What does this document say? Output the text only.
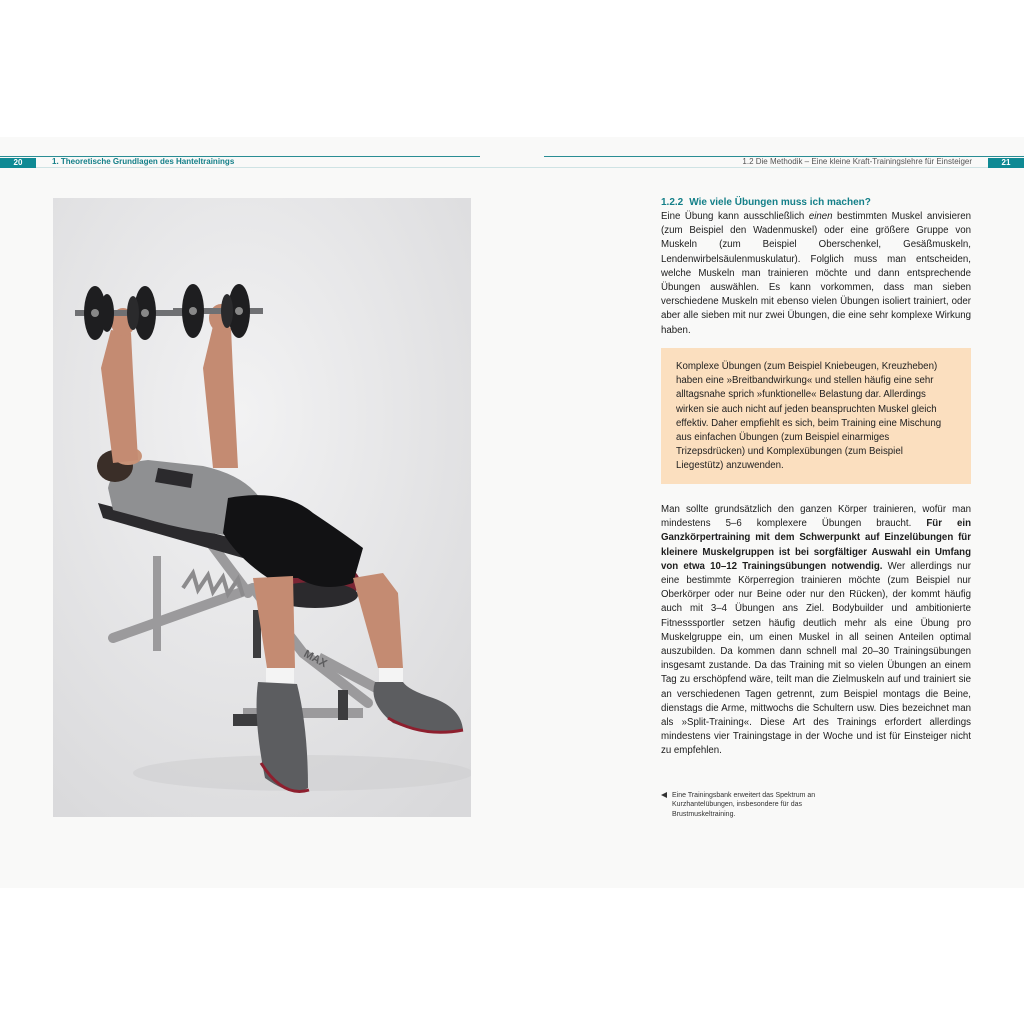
20	1. Theoretische Grundlagen des Hanteltrainings	1.2 Die Methodik – Eine kleine Kraft-Trainingslehre für Einsteiger	21
MAX
1.2.2 Wie viele Übungen muss ich machen?

Eine Übung kann ausschließlich einen bestimmten Muskel anvisieren (zum Beispiel den Wadenmuskel) oder eine größere Gruppe von Muskeln (zum Beispiel Oberschenkel, Gesäßmuskeln, Lendenwirbelsäulenmuskulatur). Folglich muss man entscheiden, welche Muskeln man trainieren möchte und dann entsprechende Übungen auswählen. Es kann vorkommen, dass man sieben verschiedene Muskeln mit ebenso vielen Übungen isoliert trainiert, oder aber alle sieben mit nur zwei Übungen, die eine sehr komplexe Wirkung haben.

Komplexe Übungen (zum Beispiel Kniebeugen, Kreuzheben) haben eine »Breitbandwirkung« und stellen häufig eine sehr alltagsnahe sprich »funktionelle« Belastung dar. Allerdings wirken sie auch nicht auf jeden beanspruchten Muskel gleich effektiv. Daher empfiehlt es sich, beim Training eine Mischung aus einfachen Übungen (zum Beispiel einarmiges Trizepsdrücken) und Komplexübungen (zum Beispiel Liegestütz) anzuwenden.

Man sollte grundsätzlich den ganzen Körper trainieren, wofür man mindestens 5–6 komplexere Übungen braucht. Für ein Ganzkörpertraining mit dem Schwerpunkt auf Einzelübungen für kleinere Muskelgruppen ist bei sorgfältiger Auswahl ein Umfang von etwa 10–12 Trainingsübungen notwendig. Wer allerdings nur eine bestimmte Körperregion trainieren möchte (zum Beispiel nur Oberkörper oder nur Beine oder nur den Rücken), der kommt häufig auch mit 3–4 Übungen ans Ziel. Bodybuilder und ambitionierte Fitnesssportler setzen häufig deutlich mehr als eine Übung pro Muskelgruppe ein, um einen Muskel in all seinen Anteilen optimal auszubilden. Da kommen dann schnell mal 20–30 Trainingsübungen insgesamt zustande. Da das Training mit so vielen Übungen an einem Tag zu erschöpfend wäre, teilt man die Zielmuskeln auf und trainiert sie an verschiedenen Tagen getrennt, zum Beispiel montags die Beine, dienstags die Arme, mittwochs die Schultern usw. Dies bezeichnet man als »Split-Training«. Diese Art des Trainings erfordert allerdings mindestens vier Trainingstage in der Woche und ist für Einsteiger nicht zu empfehlen.

Eine Trainingsbank erweitert das Spektrum an Kurzhantelübungen, insbesondere für das Brustmuskeltraining.
